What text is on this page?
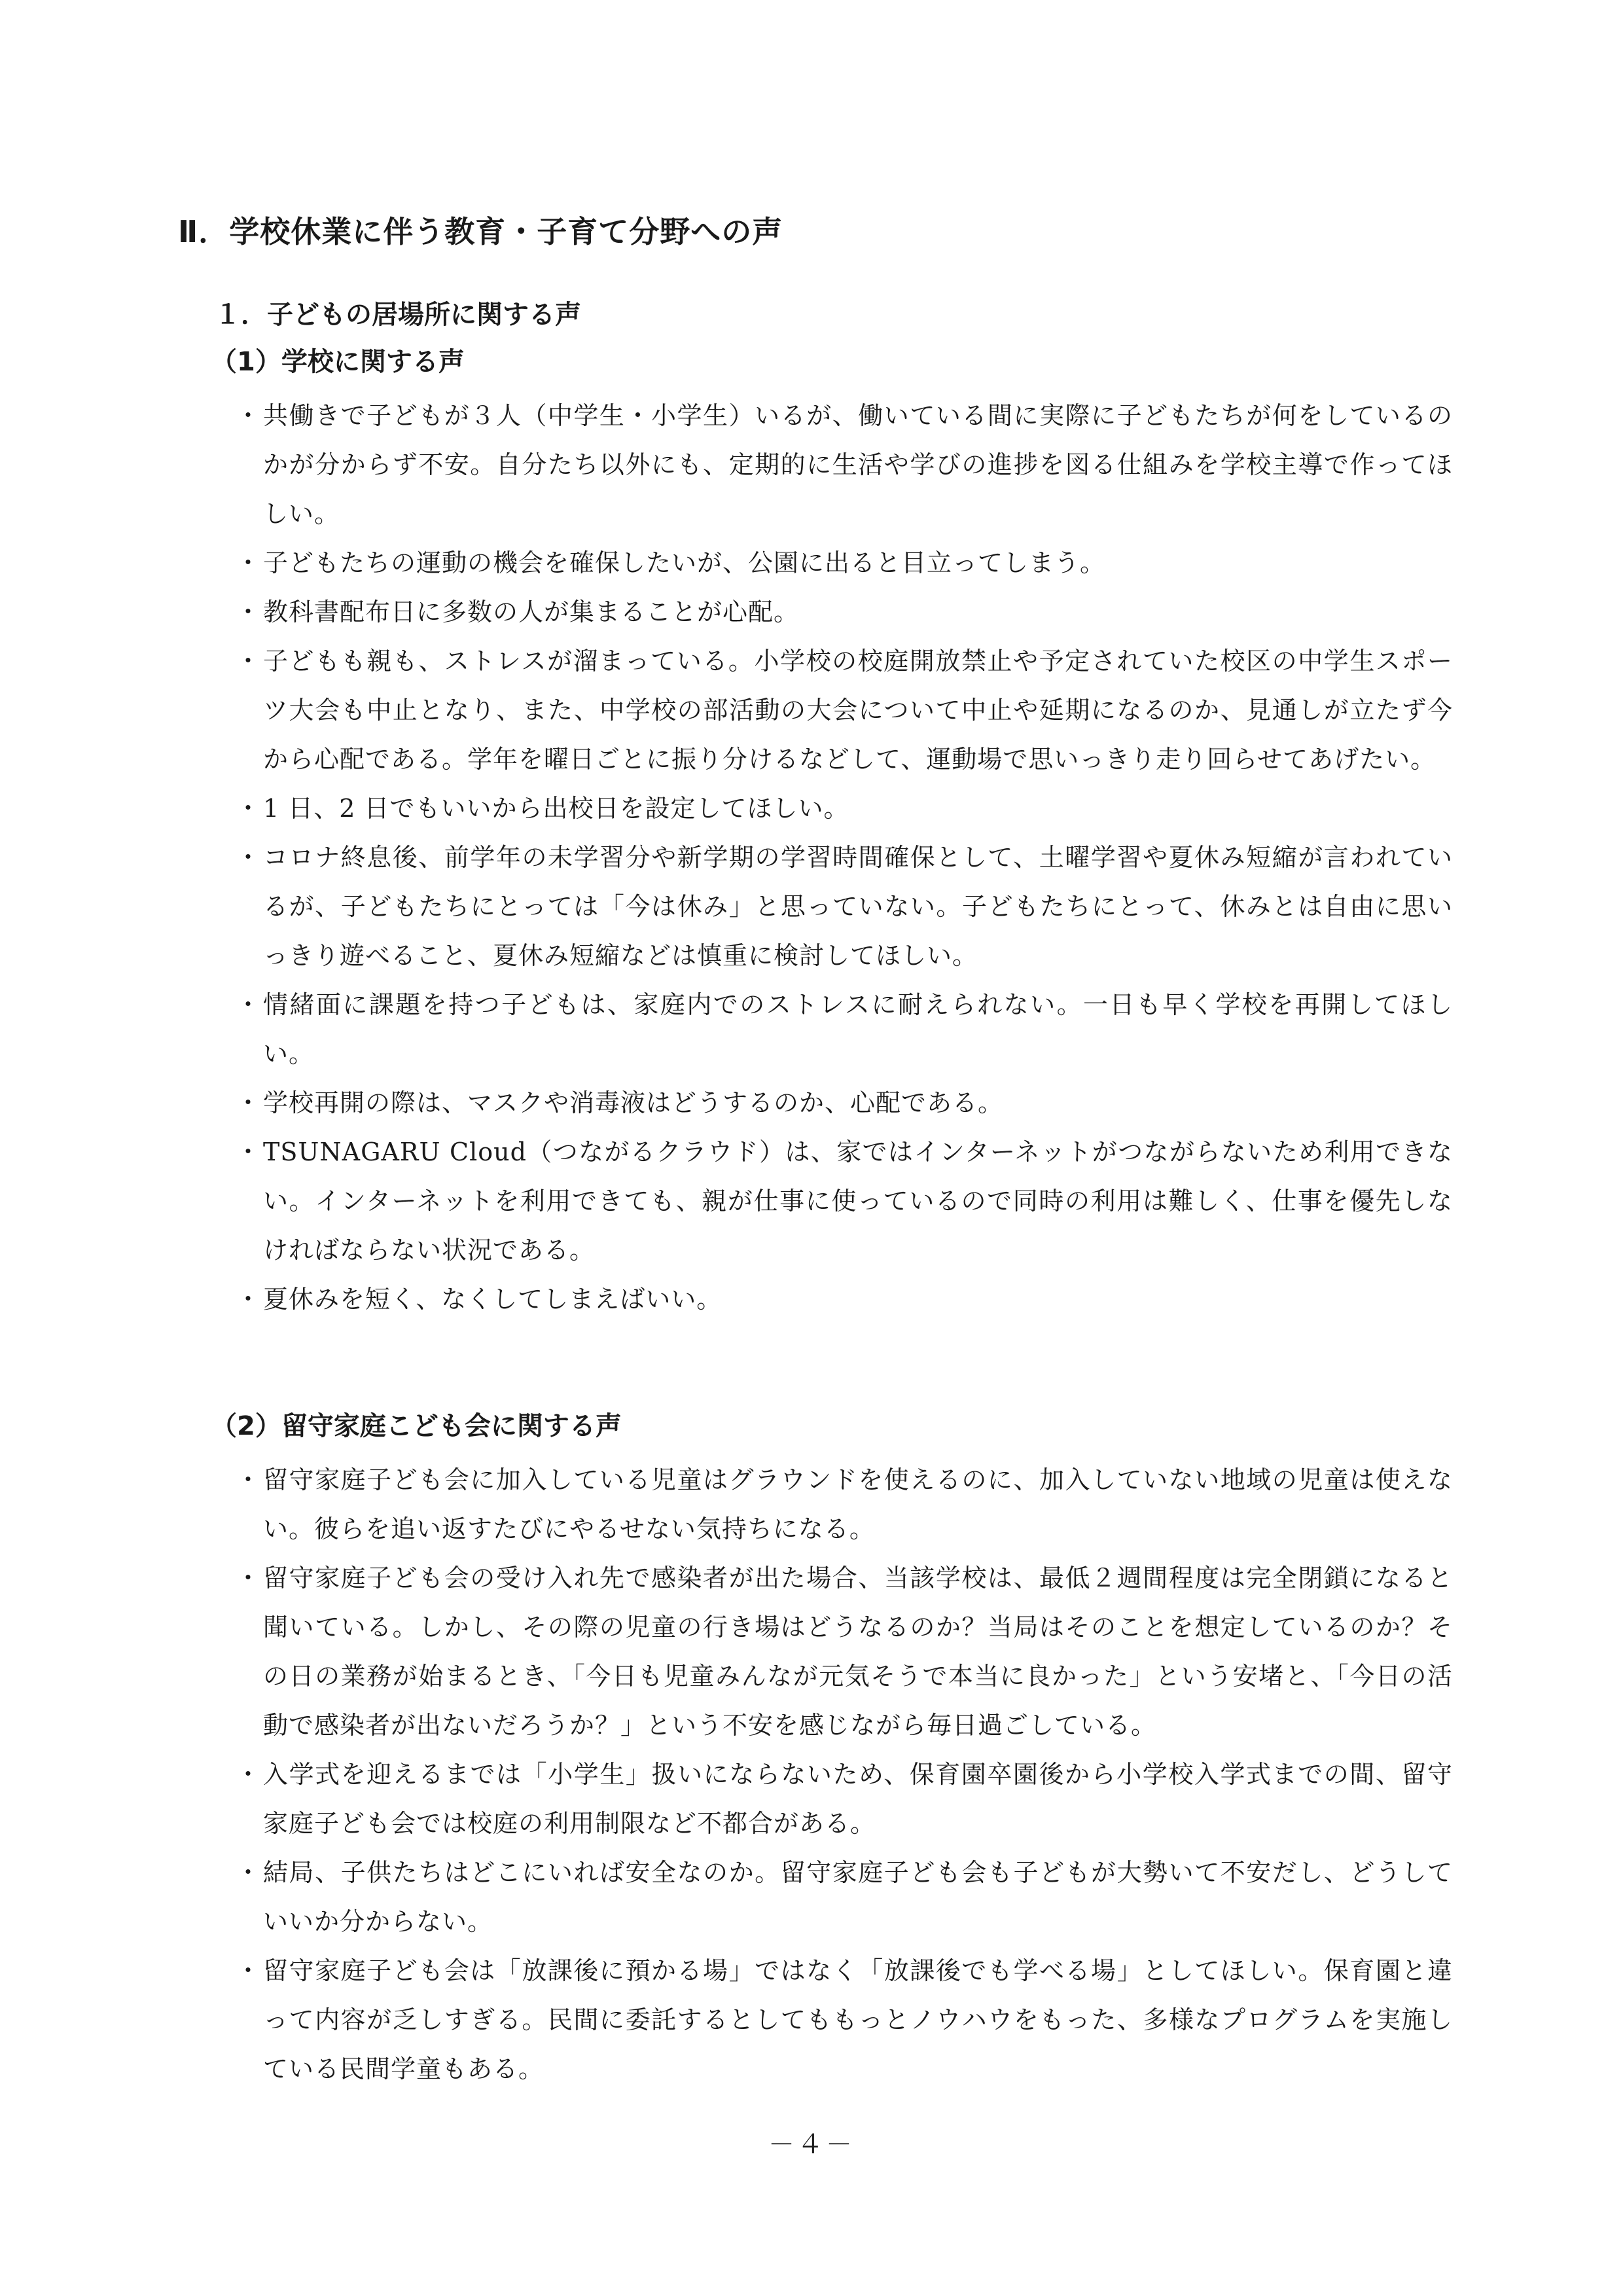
Ⅱ．学校休業に伴う教育・子育て分野への声
１．子どもの居場所に関する声
（1）学校に関する声
・ 共働きで子どもが３人（中学生・小学生）いるが、働いている間に実際に子どもたちが何をしているのかが分からず不安。自分たち以外にも、定期的に生活や学びの進捗を図る仕組みを学校主導で作ってほしい。
・ 子どもたちの運動の機会を確保したいが、公園に出ると目立ってしまう。
・ 教科書配布日に多数の人が集まることが心配。
・ 子どもも親も、ストレスが溜まっている。小学校の校庭開放禁止や予定されていた校区の中学生スポーツ大会も中止となり、また、中学校の部活動の大会について中止や延期になるのか、見通しが立たず今から心配である。学年を曜日ごとに振り分けるなどして、運動場で思いっきり走り回らせてあげたい。
・ 1 日、2 日でもいいから出校日を設定してほしい。
・ コロナ終息後、前学年の未学習分や新学期の学習時間確保として、土曜学習や夏休み短縮が言われているが、子どもたちにとっては「今は休み」と思っていない。子どもたちにとって、休みとは自由に思いっきり遊べること、夏休み短縮などは慎重に検討してほしい。
・ 情緒面に課題を持つ子どもは、家庭内でのストレスに耐えられない。一日も早く学校を再開してほしい。
・ 学校再開の際は、マスクや消毒液はどうするのか、心配である。
・ TSUNAGARU Cloud（つながるクラウド）は、家ではインターネットがつながらないため利用できない。インターネットを利用できても、親が仕事に使っているので同時の利用は難しく、仕事を優先しなければならない状況である。
・ 夏休みを短く、なくしてしまえばいい。
（2）留守家庭こども会に関する声
・ 留守家庭子ども会に加入している児童はグラウンドを使えるのに、加入していない地域の児童は使えない。彼らを追い返すたびにやるせない気持ちになる。
・ 留守家庭子ども会の受け入れ先で感染者が出た場合、当該学校は、最低２週間程度は完全閉鎖になると聞いている。しかし、その際の児童の行き場はどうなるのか？当局はそのことを想定しているのか？その日の業務が始まるとき、「今日も児童みんなが元気そうで本当に良かった」という安堵と、「今日の活動で感染者が出ないだろうか？」という不安を感じながら毎日過ごしている。
・ 入学式を迎えるまでは「小学生」扱いにならないため、保育園卒園後から小学校入学式までの間、留守家庭子ども会では校庭の利用制限など不都合がある。
・ 結局、子供たちはどこにいれば安全なのか。留守家庭子ども会も子どもが大勢いて不安だし、どうしていいか分からない。
・ 留守家庭子ども会は「放課後に預かる場」ではなく「放課後でも学べる場」としてほしい。保育園と違って内容が乏しすぎる。民間に委託するとしてももっとノウハウをもった、多様なプログラムを実施している民間学童もある。
－４－
